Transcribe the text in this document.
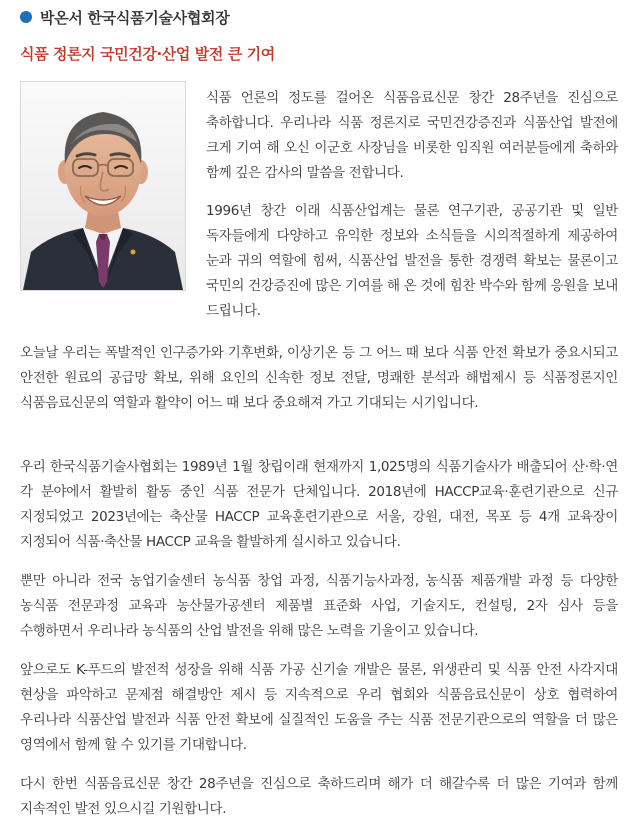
박온서 한국식품기술사협회장
식품 정론지 국민건강·산업 발전 큰 기여

식품 언론의 정도를 걸어온 식품음료신문 창간 28주년을 진심으로 축하합니다. 우리나라 식품 정론지로 국민건강증진과 식품산업 발전에 크게 기여 해 오신 이군호 사장님을 비롯한 임직원 여러분들에게 축하와 함께 깊은 감사의 말씀을 전합니다.

1996년 창간 이래 식품산업계는 물론 연구기관, 공공기관 및 일반 독자들에게 다양하고 유익한 정보와 소식들을 시의적절하게 제공하여 눈과 귀의 역할에 힘써, 식품산업 발전을 통한 경쟁력 확보는 물론이고 국민의 건강증진에 많은 기여를 해 온 것에 힘찬 박수와 함께 응원을 보내 드립니다.

오늘날 우리는 폭발적인 인구증가와 기후변화, 이상기온 등 그 어느 때 보다 식품 안전 확보가 중요시되고 안전한 원료의 공급망 확보, 위해 요인의 신속한 정보 전달, 명쾌한 분석과 해법제시 등 식품정론지인 식품음료신문의 역할과 활약이 어느 때 보다 중요해져 가고 기대되는 시기입니다.

우리 한국식품기술사협회는 1989년 1월 창립이래 현재까지 1,025명의 식품기술사가 배출되어 산·학·연 각 분야에서 활발히 활동 중인 식품 전문가 단체입니다. 2018년에 HACCP교육·훈련기관으로 신규 지정되었고 2023년에는 축산물 HACCP 교육훈련기관으로 서울, 강원, 대전, 목포 등 4개 교육장이 지정되어 식품·축산물 HACCP 교육을 활발하게 실시하고 있습니다.

뿐만 아니라 전국 농업기술센터 농식품 창업 과정, 식품기능사과정, 농식품 제품개발 과정 등 다양한 농식품 전문과정 교육과 농산물가공센터 제품별 표준화 사업, 기술지도, 컨설팅, 2자 심사 등을 수행하면서 우리나라 농식품의 산업 발전을 위해 많은 노력을 기울이고 있습니다.

앞으로도 K-푸드의 발전적 성장을 위해 식품 가공 신기술 개발은 물론, 위생관리 및 식품 안전 사각지대 현상을 파악하고 문제점 해결방안 제시 등 지속적으로 우리 협회와 식품음료신문이 상호 협력하여 우리나라 식품산업 발전과 식품 안전 확보에 실질적인 도움을 주는 식품 전문기관으로의 역할을 더 많은 영역에서 함께 할 수 있기를 기대합니다.

다시 한번 식품음료신문 창간 28주년을 진심으로 축하드리며 해가 더 해갈수록 더 많은 기여과 함께 지속적인 발전 있으시길 기원합니다.
